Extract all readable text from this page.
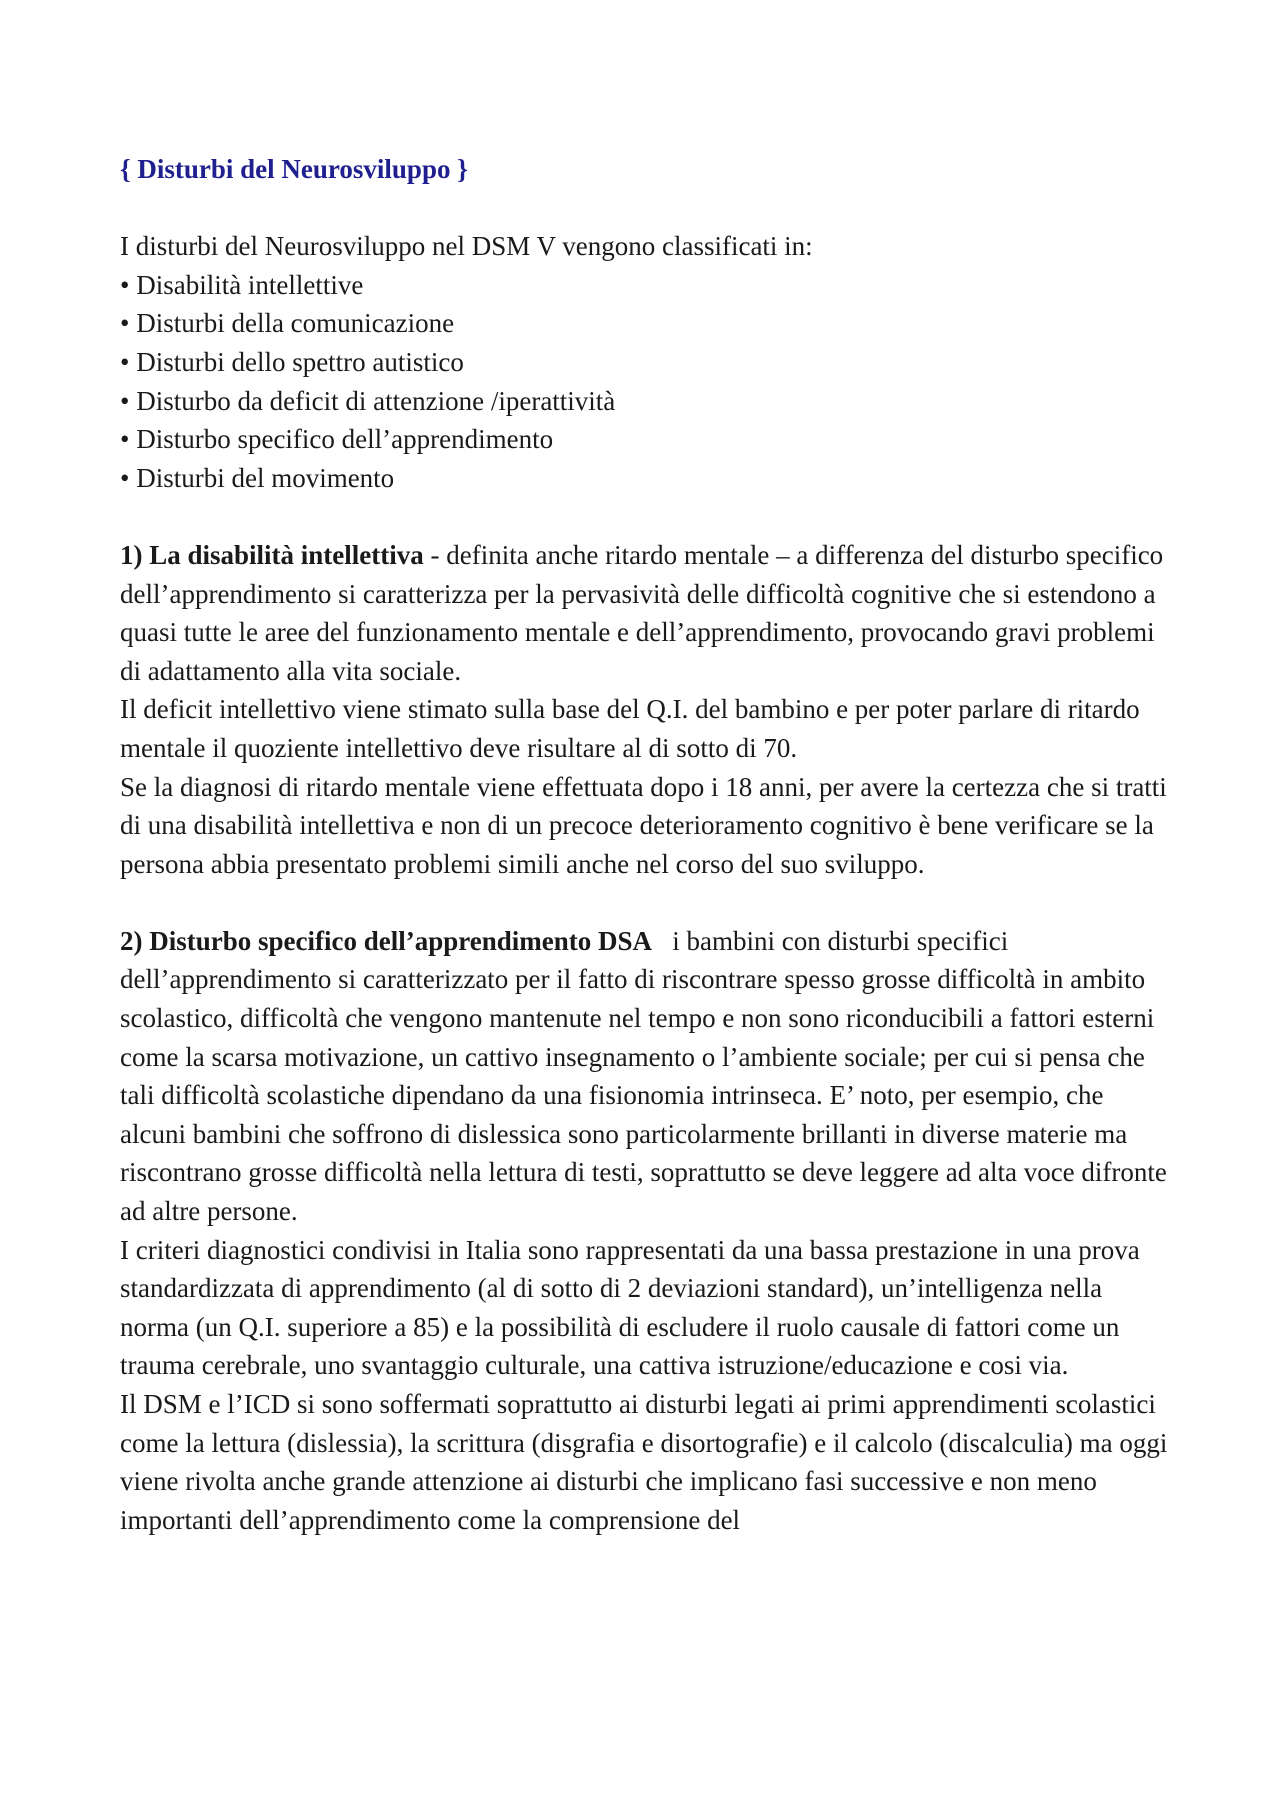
{ Disturbi del Neurosviluppo }

I disturbi del Neurosviluppo nel DSM V vengono classificati in:

• Disabilità intellettive
• Disturbi della comunicazione
• Disturbi dello spettro autistico
• Disturbo da deficit di attenzione /iperattività
• Disturbo specifico dell’apprendimento
• Disturbi del movimento

1) La disabilità intellettiva - definita anche ritardo mentale – a differenza del disturbo specifico dell’apprendimento si caratterizza per la pervasività delle difficoltà cognitive che si estendono a quasi tutte le aree del funzionamento mentale e dell’apprendimento, provocando gravi problemi di adattamento alla vita sociale.

Il deficit intellettivo viene stimato sulla base del Q.I. del bambino e per poter parlare di ritardo mentale il quoziente intellettivo deve risultare al di sotto di 70.

Se la diagnosi di ritardo mentale viene effettuata dopo i 18 anni, per avere la certezza che si tratti di una disabilità intellettiva e non di un precoce deterioramento cognitivo è bene verificare se la persona abbia presentato problemi simili anche nel corso del suo sviluppo.

2) Disturbo specifico dell’apprendimento DSA   i bambini con disturbi specifici dell’apprendimento si caratterizzato per il fatto di riscontrare spesso grosse difficoltà in ambito scolastico, difficoltà che vengono mantenute nel tempo e non sono riconducibili a fattori esterni come la scarsa motivazione, un cattivo insegnamento o l’ambiente sociale; per cui si pensa che tali difficoltà scolastiche dipendano da una fisionomia intrinseca. E’ noto, per esempio, che alcuni bambini che soffrono di dislessica sono particolarmente brillanti in diverse materie ma riscontrano grosse difficoltà nella lettura di testi, soprattutto se deve leggere ad alta voce difronte ad altre persone.

I criteri diagnostici condivisi in Italia sono rappresentati da una bassa prestazione in una prova standardizzata di apprendimento (al di sotto di 2 deviazioni standard), un’intelligenza nella norma (un Q.I. superiore a 85) e la possibilità di escludere il ruolo causale di fattori come un trauma cerebrale, uno svantaggio culturale, una cattiva istruzione/educazione e cosi via.

Il DSM e l’ICD si sono soffermati soprattutto ai disturbi legati ai primi apprendimenti scolastici come la lettura (dislessia), la scrittura (disgrafia e disortografie) e il calcolo (discalculia) ma oggi viene rivolta anche grande attenzione ai disturbi che implicano fasi successive e non meno importanti dell’apprendimento come la comprensione del
